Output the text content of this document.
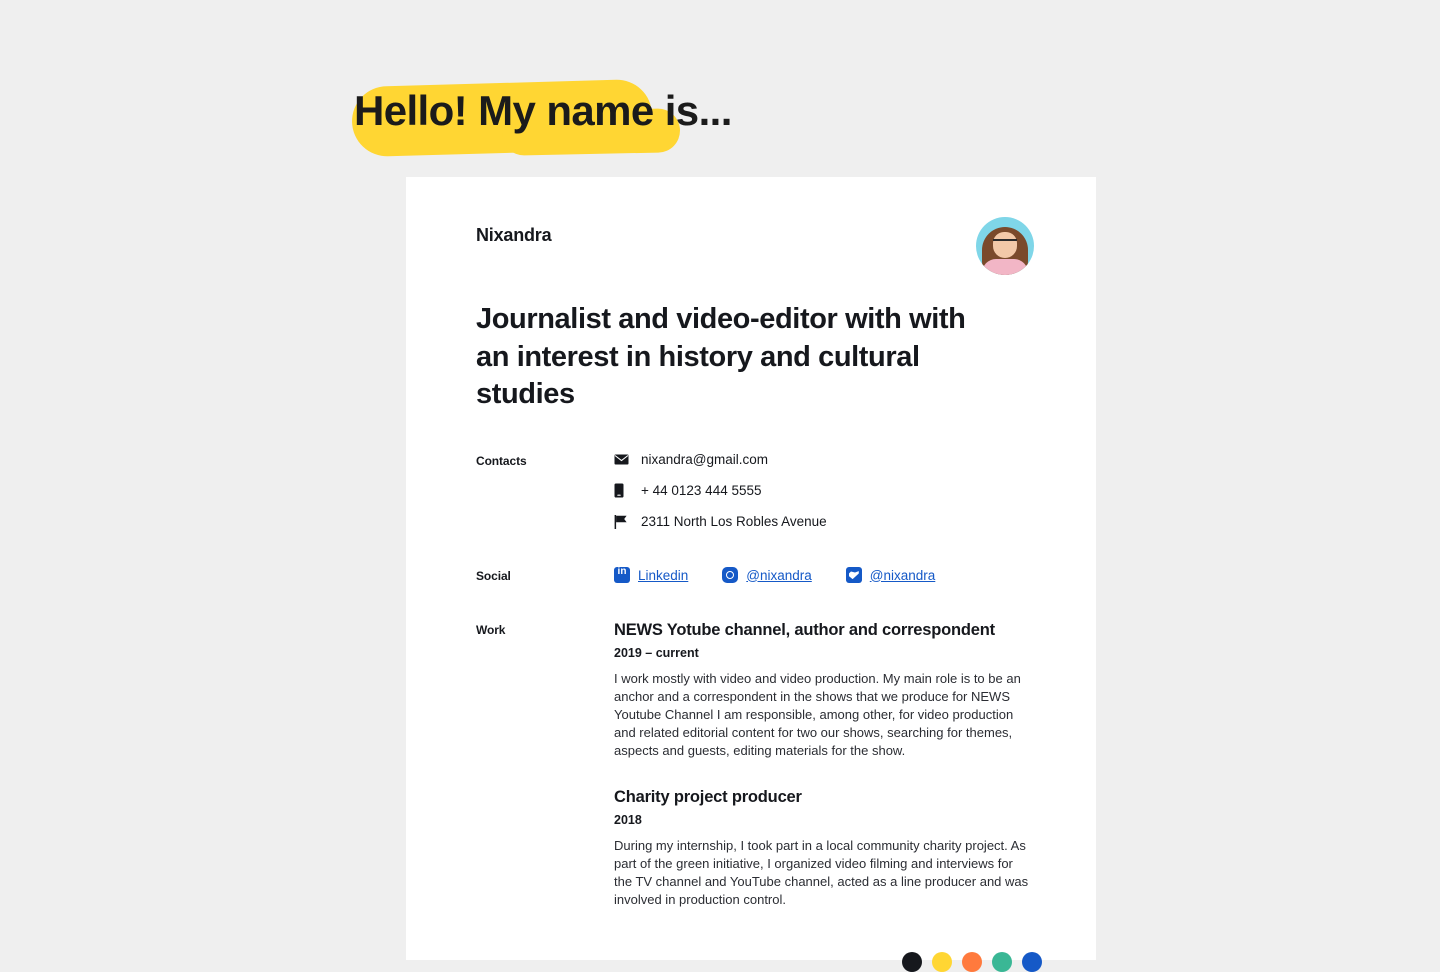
Hello! My name is...
Nixandra
Journalist and video-editor with with an interest in history and cultural studies
Contacts	nixandra@gmail.com
+ 44 0123 444 5555
2311 North Los Robles Avenue
Social in	Linkedin	@nixandra	@nixandra
Work	NEWS Yotube channel, author and correspondent
2019 – current
I work mostly with video and video production. My main role is to be an anchor and a correspondent in the shows that we produce for NEWS Youtube Channel I am responsible, among other, for video production and related editorial content for two our shows, searching for themes, aspects and guests, editing materials for the show.
Charity project producer
2018
During my internship, I took part in a local community charity project. As part of the green initiative, I organized video filming and interviews for the TV channel and YouTube channel, acted as a line producer and was involved in production control.
